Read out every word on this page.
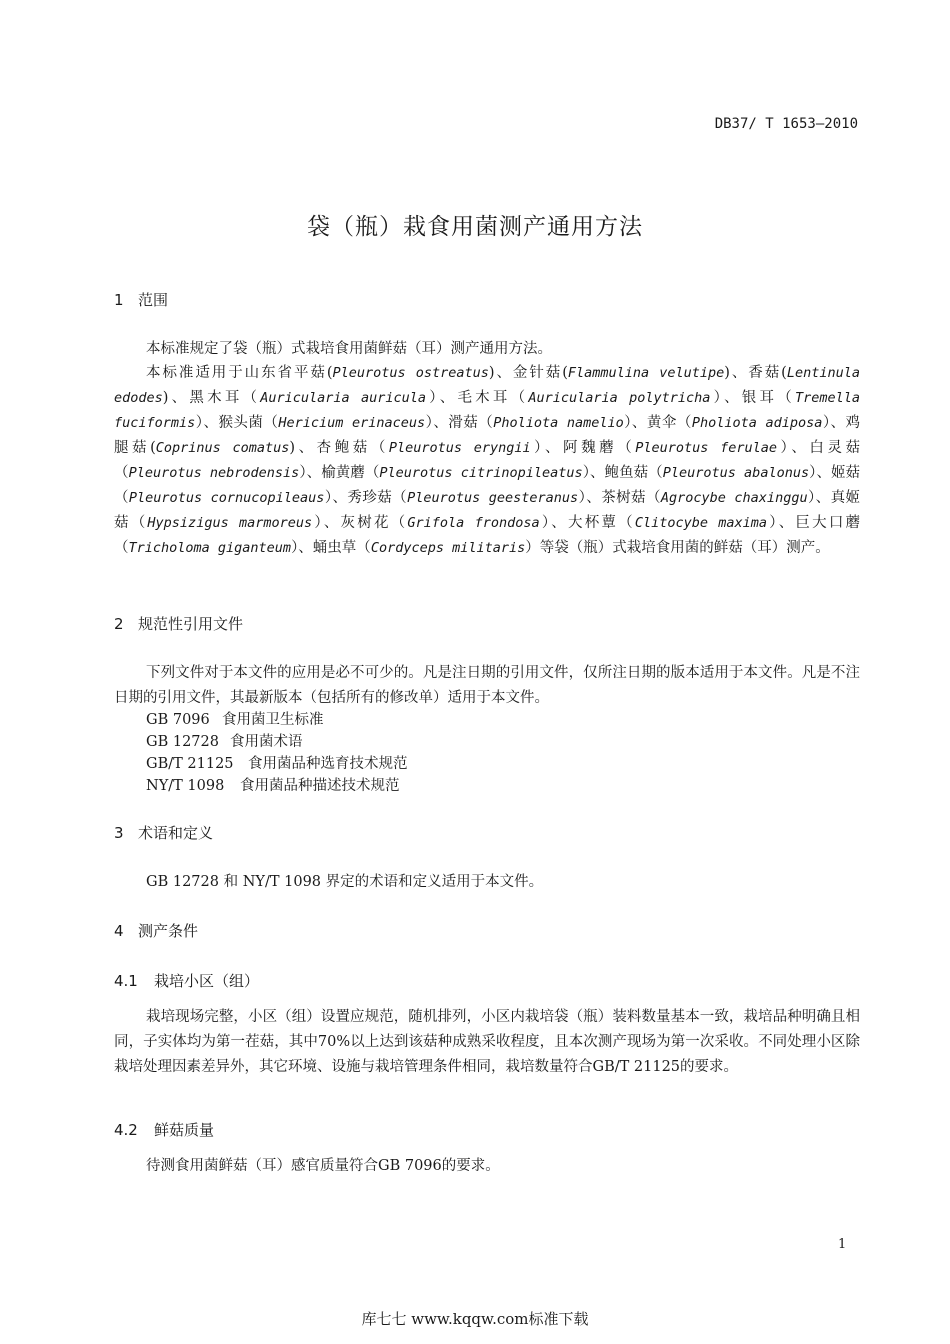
DB37/ T 1653—2010
袋（瓶）栽食用菌测产通用方法
1 范围

本标准规定了袋（瓶）式栽培食用菌鲜菇（耳）测产通用方法。

本标准适用于山东省平菇(Pleurotus ostreatus)、金针菇(Flammulina velutipe)、香菇(Lentinula edodes)、黑木耳（Auricularia auricula）、毛木耳（Auricularia polytricha）、银耳（Tremella fuciformis）、猴头菌（Hericium erinaceus）、滑菇（Pholiota namelio）、黄伞（Pholiota adiposa）、鸡腿菇(Coprinus comatus)、杏鲍菇（Pleurotus eryngii）、阿魏蘑（Pleurotus ferulae）、白灵菇（Pleurotus nebrodensis）、榆黄蘑（Pleurotus citrinopileatus）、鲍鱼菇（Pleurotus abalonus）、姬菇（Pleurotus cornucopileaus）、秀珍菇（Pleurotus geesteranus）、茶树菇（Agrocybe chaxinggu）、真姬菇（Hypsizigus marmoreus）、灰树花（Grifola frondosa）、大杯蕈（Clitocybe maxima）、巨大口蘑（Tricholoma giganteum）、蛹虫草（Cordyceps militaris）等袋（瓶）式栽培食用菌的鲜菇（耳）测产。

2 规范性引用文件

下列文件对于本文件的应用是必不可少的。凡是注日期的引用文件，仅所注日期的版本适用于本文件。凡是不注日期的引用文件，其最新版本（包括所有的修改单）适用于本文件。

GB 7096 食用菌卫生标准
GB 12728 食用菌术语
GB/T 21125 食用菌品种选育技术规范
NY/T 1098 食用菌品种描述技术规范
3 术语和定义

GB 12728 和 NY/T 1098 界定的术语和定义适用于本文件。

4 测产条件
4.1 栽培小区（组）

栽培现场完整，小区（组）设置应规范，随机排列，小区内栽培袋（瓶）装料数量基本一致，栽培品种明确且相同，子实体均为第一茬菇，其中70%以上达到该菇种成熟采收程度，且本次测产现场为第一次采收。不同处理小区除栽培处理因素差异外，其它环境、设施与栽培管理条件相同，栽培数量符合GB/T 21125的要求。

4.2 鲜菇质量

待测食用菌鲜菇（耳）感官质量符合GB 7096的要求。

1
库七七 www.kqqw.com标准下载
